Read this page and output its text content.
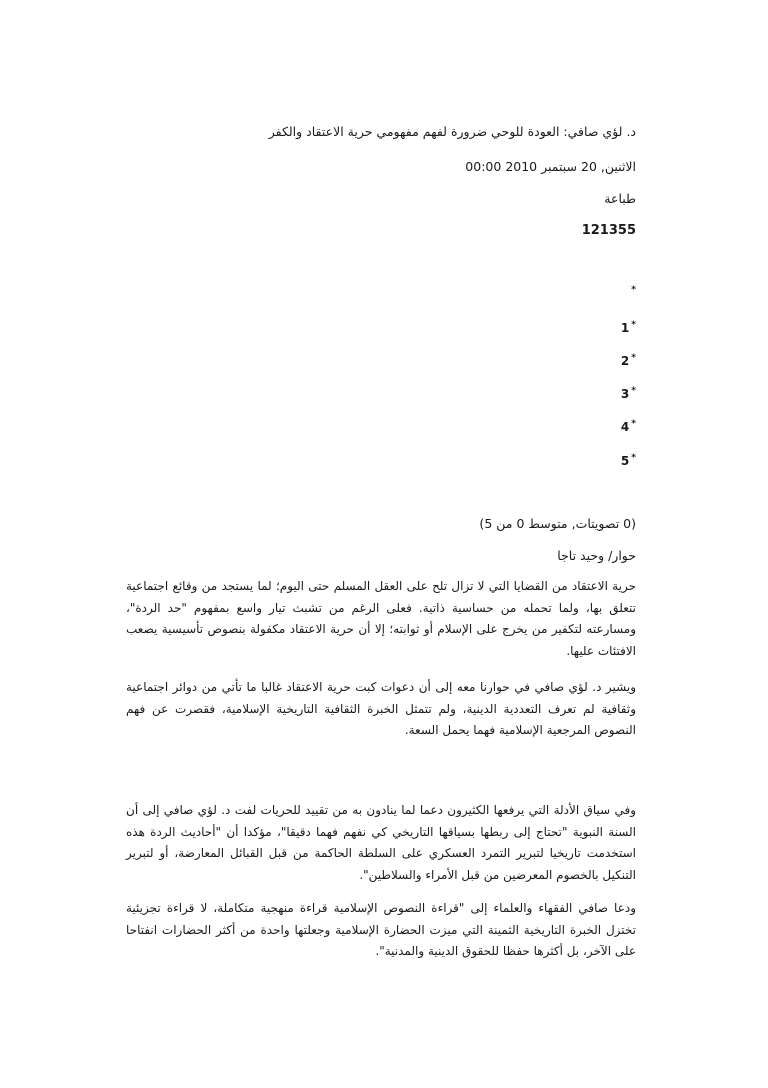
د. لؤي صافي: العودة للوحي ضرورة لفهم مفهومي حرية الاعتقاد والكفر
الاثنين, 20 سبتمبر 2010 00:00
طباعة
121355
*
*1
*2
*3
*4
*5
(0 تصويتات, متوسط 0 من 5)
حوار/ وحيد تاجا
حرية الاعتقاد من القضايا التي لا تزال تلح على العقل المسلم حتى اليوم؛ لما يستجد من وقائع اجتماعية تتعلق بها، ولما تحمله من حساسية ذاتية. فعلى الرغم من تشبث تيار واسع بمفهوم "حد الردة"، ومسارعته لتكفير من يخرج على الإسلام أو ثوابته؛ إلا أن حرية الاعتقاد مكفولة بنصوص تأسيسية يصعب الافتئات عليها.
ويشير د. لؤي صافي في حوارنا معه إلى أن دعوات كبت حرية الاعتقاد غالبا ما تأتي من دوائر اجتماعية وثقافية لم تعرف التعددية الدينية، ولم تتمثل الخبرة الثقافية التاريخية الإسلامية، فقصرت عن فهم النصوص المرجعية الإسلامية فهما يحمل السعة.
وفي سياق الأدلة التي يرفعها الكثيرون دعما لما ينادون به من تقييد للحريات لفت د. لؤي صافي إلى أن السنة النبوية "تحتاج إلى ربطها بسياقها التاريخي كي نفهم فهما دقيقا"، مؤكدا أن "أحاديث الردة هذه استخدمت تاريخيا لتبرير التمرد العسكري على السلطة الحاكمة من قبل القبائل المعارضة، أو لتبرير التنكيل بالخصوم المعرضين من قبل الأمراء والسلاطين".
ودعا صافي الفقهاء والعلماء إلى "قراءة النصوص الإسلامية قراءة منهجية متكاملة، لا قراءة تجزيئية تختزل الخبرة التاريخية الثمينة التي ميزت الحضارة الإسلامية وجعلتها واحدة من أكثر الحضارات انفتاحا على الآخر، بل أكثرها حفظا للحقوق الدينية والمدنية".
